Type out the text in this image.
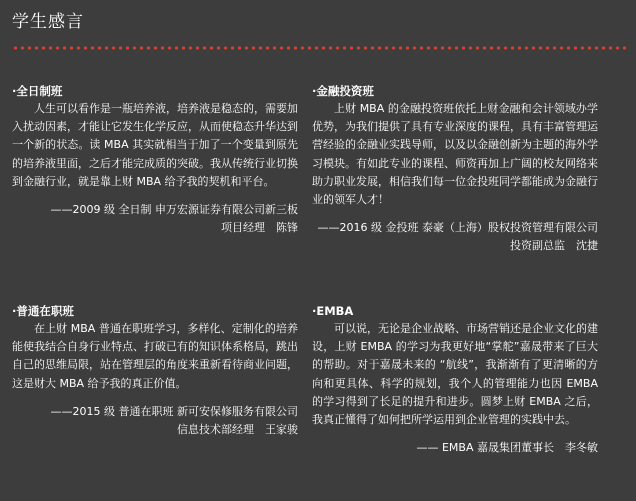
学生感言

·全日制班

人生可以看作是一瓶培养液，培养液是稳态的，需要加入扰动因素，才能让它发生化学反应，从而使稳态升华达到一个新的状态。读 MBA 其实就相当于加了一个变量到原先的培养液里面，之后才能完成质的突破。我从传统行业切换到金融行业，就是靠上财 MBA 给予我的契机和平台。

——2009 级 全日制 申万宏源证券有限公司新三板
项目经理　陈锋

·金融投资班

上财 MBA 的金融投资班依托上财金融和会计领域办学优势，为我们提供了具有专业深度的课程，具有丰富管理运营经验的金融业实践导师，以及以金融创新为主题的海外学习模块。有如此专业的课程、师资再加上广阔的校友网络来助力职业发展，相信我们每一位金投班同学都能成为金融行业的领军人才！

——2016 级 金投班 泰豪（上海）股权投资管理有限公司
投资副总监　沈捷

·普通在职班

在上财 MBA 普通在职班学习，多样化、定制化的培养能使我结合自身行业特点、打破已有的知识体系格局，跳出自己的思维局限，站在管理层的角度来重新看待商业问题，这是财大 MBA 给予我的真正价值。

——2015 级 普通在职班 新可安保修服务有限公司
信息技术部经理　王家骏

·EMBA

可以说，无论是企业战略、市场营销还是企业文化的建设，上财 EMBA 的学习为我更好地“掌舵”嘉晟带来了巨大的帮助。对于嘉晟未来的 “航线”，我渐渐有了更清晰的方向和更具体、科学的规划，我个人的管理能力也因 EMBA 的学习得到了长足的提升和进步。圆梦上财 EMBA 之后，我真正懂得了如何把所学运用到企业管理的实践中去。

—— EMBA 嘉晟集团董事长　李冬敏
